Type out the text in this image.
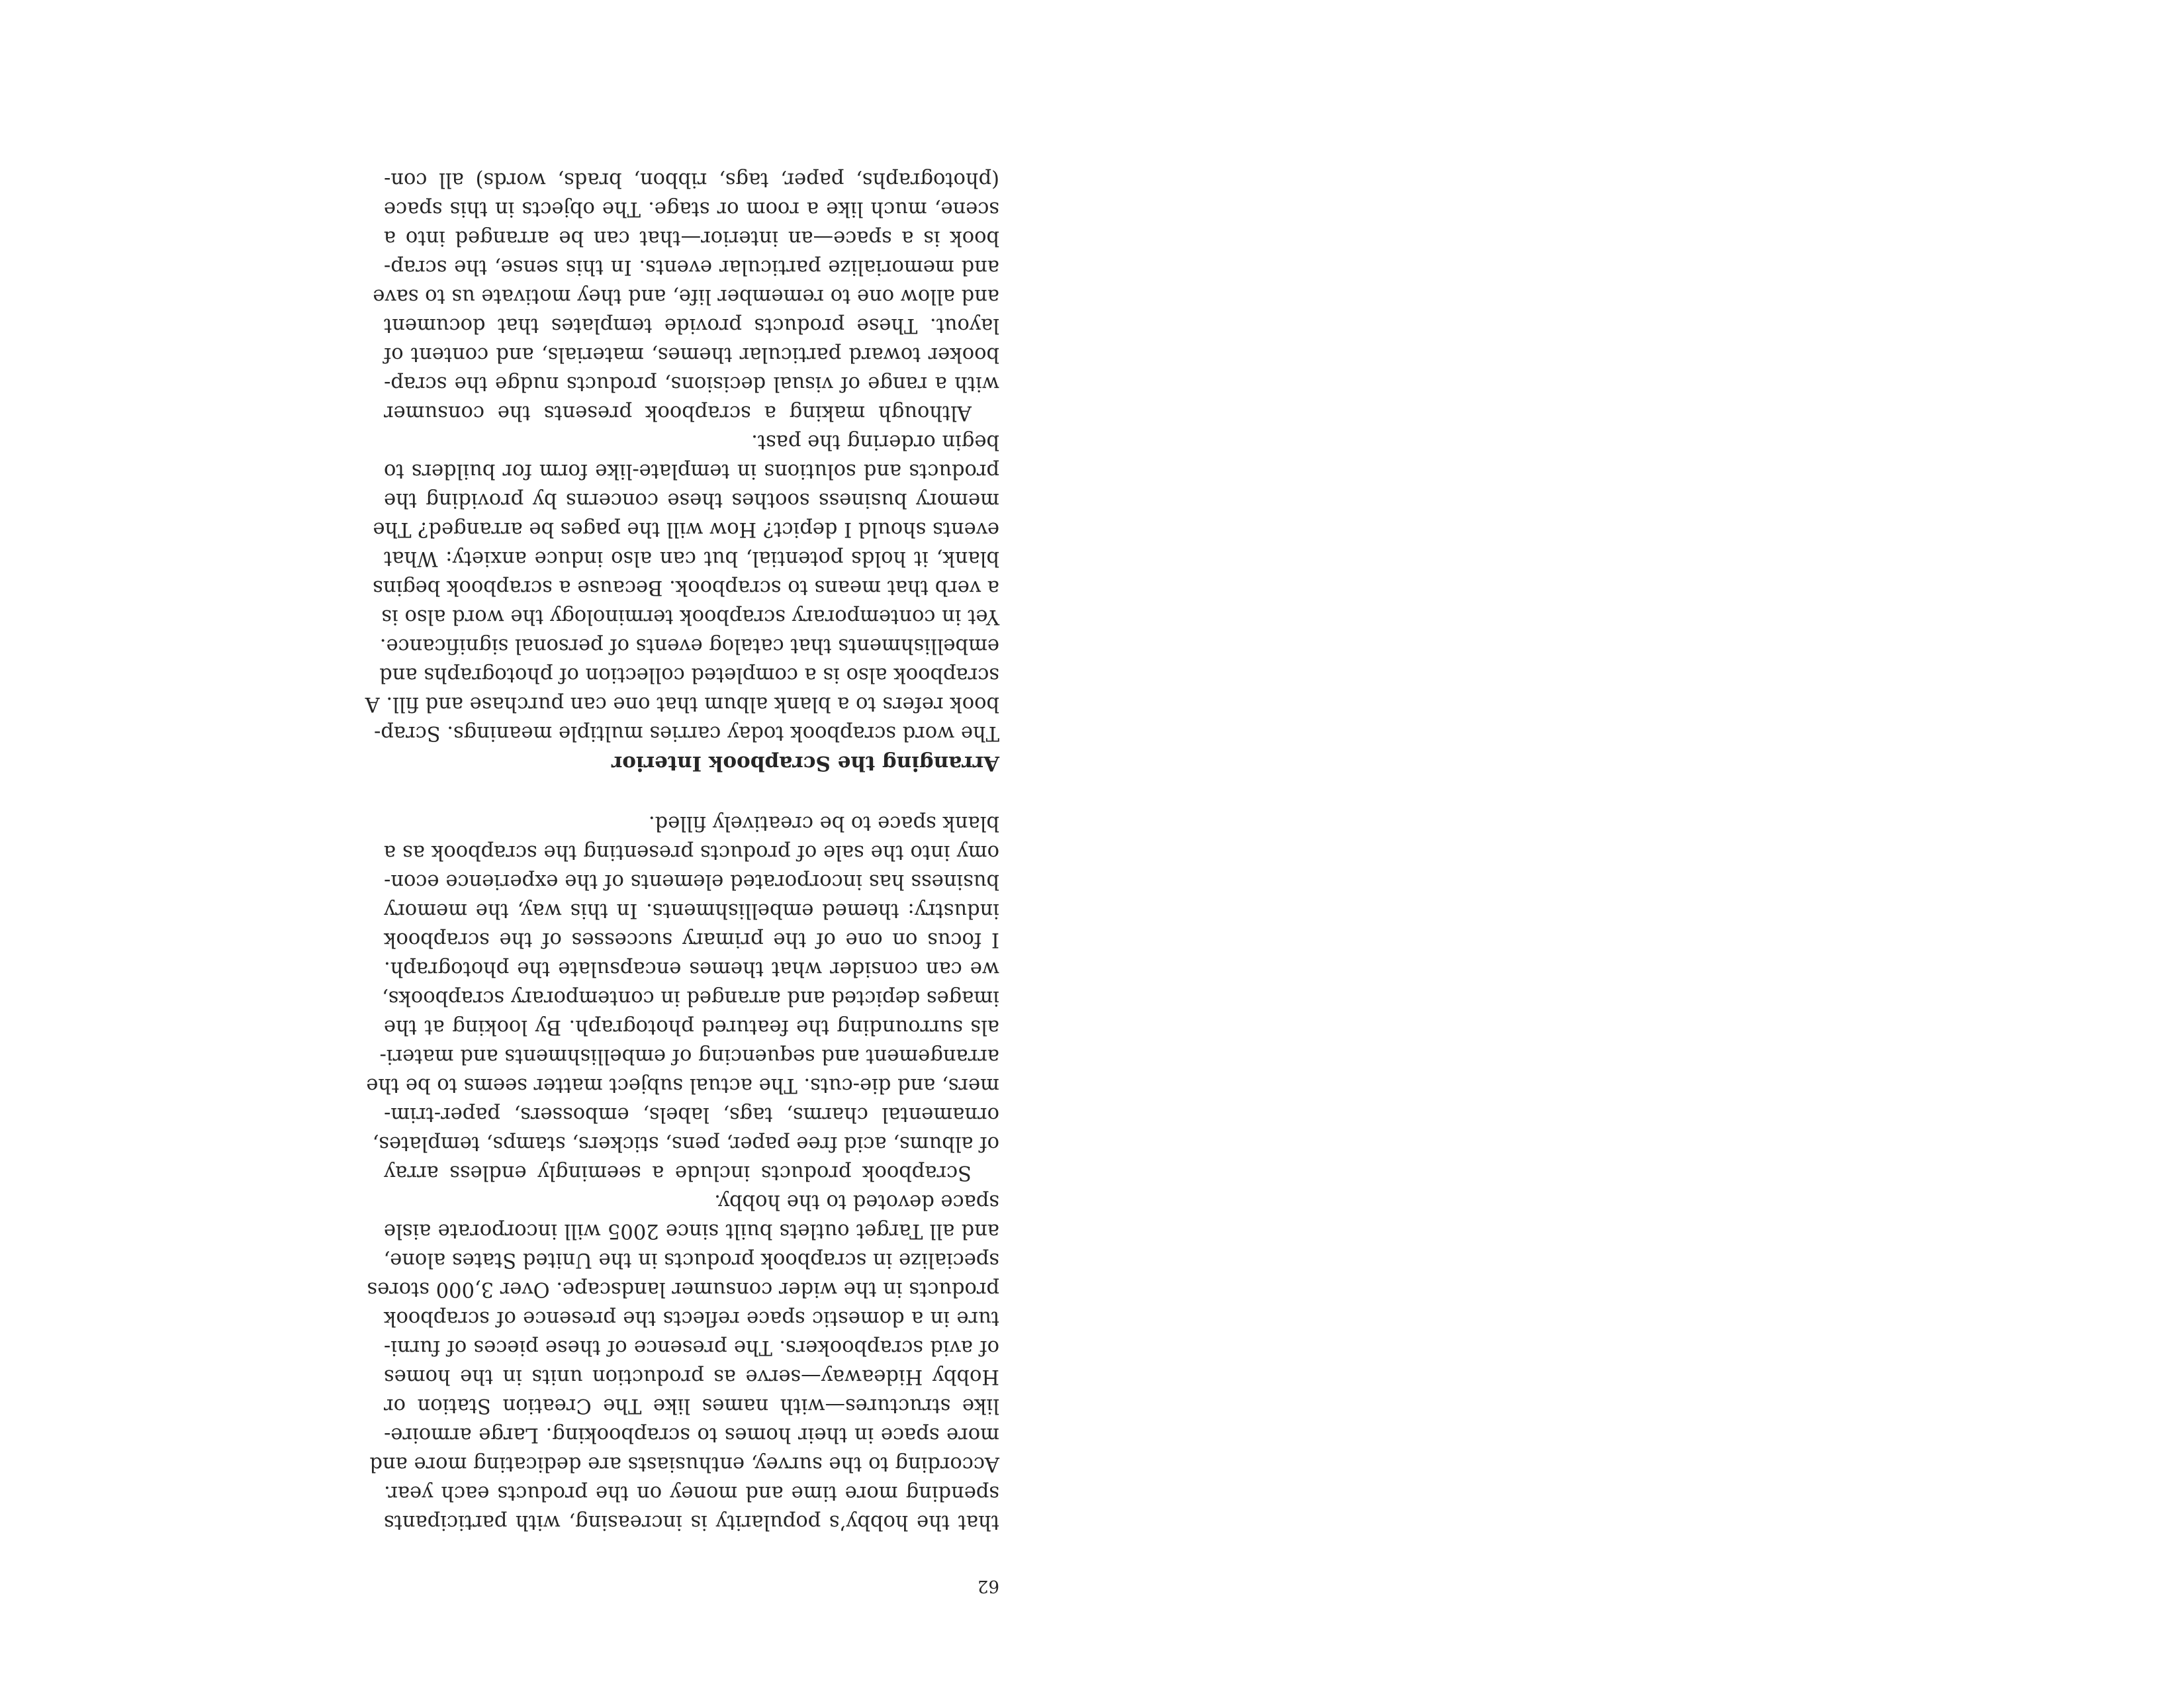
62
that the hobby’s popularity is increasing, with participants
spending more time and money on the products each year.
According to the survey, enthusiasts are dedicating more and
more space in their homes to scrapbooking. Large armoire-
like structures—with names like The Creation Station or
Hobby Hideaway—serve as production units in the homes
of avid scrapbookers. The presence of these pieces of furni-
ture in a domestic space reflects the presence of scrapbook
products in the wider consumer landscape. Over 3,000 stores
specialize in scrapbook products in the United States alone,
and all Target outlets built since 2005 will incorporate aisle
space devoted to the hobby.
Scrapbook products include a seemingly endless array
of albums, acid free paper, pens, stickers, stamps, templates,
ornamental charms, tags, labels, embossers, paper-trim-
mers, and die-cuts. The actual subject matter seems to be the
arrangement and sequencing of embellishments and materi-
als surrounding the featured photograph. By looking at the
images depicted and arranged in contemporary scrapbooks,
we can consider what themes encapsulate the photograph.
I focus on one of the primary successes of the scrapbook
industry: themed embellishments. In this way, the memory
business has incorporated elements of the experience econ-
omy into the sale of products presenting the scrapbook as a
blank space to be creatively filled.
Arranging the Scrapbook Interior
The word scrapbook today carries multiple meanings. Scrap-
book refers to a blank album that one can purchase and fill. A
scrapbook also is a completed collection of photographs and
embellishments that catalog events of personal significance.
Yet in contemporary scrapbook terminology the word also is
a verb that means to scrapbook. Because a scrapbook begins
blank, it holds potential, but can also induce anxiety: What
events should I depict? How will the pages be arranged? The
memory business soothes these concerns by providing the
products and solutions in template-like form for builders to
begin ordering the past.
Although making a scrapbook presents the consumer
with a range of visual decisions, products nudge the scrap-
booker toward particular themes, materials, and content of
layout. These products provide templates that document
and allow one to remember life, and they motivate us to save
and memorialize particular events. In this sense, the scrap-
book is a space—an interior—that can be arranged into a
scene, much like a room or stage. The objects in this space
(photographs, paper, tags, ribbon, brads, words) all con-
